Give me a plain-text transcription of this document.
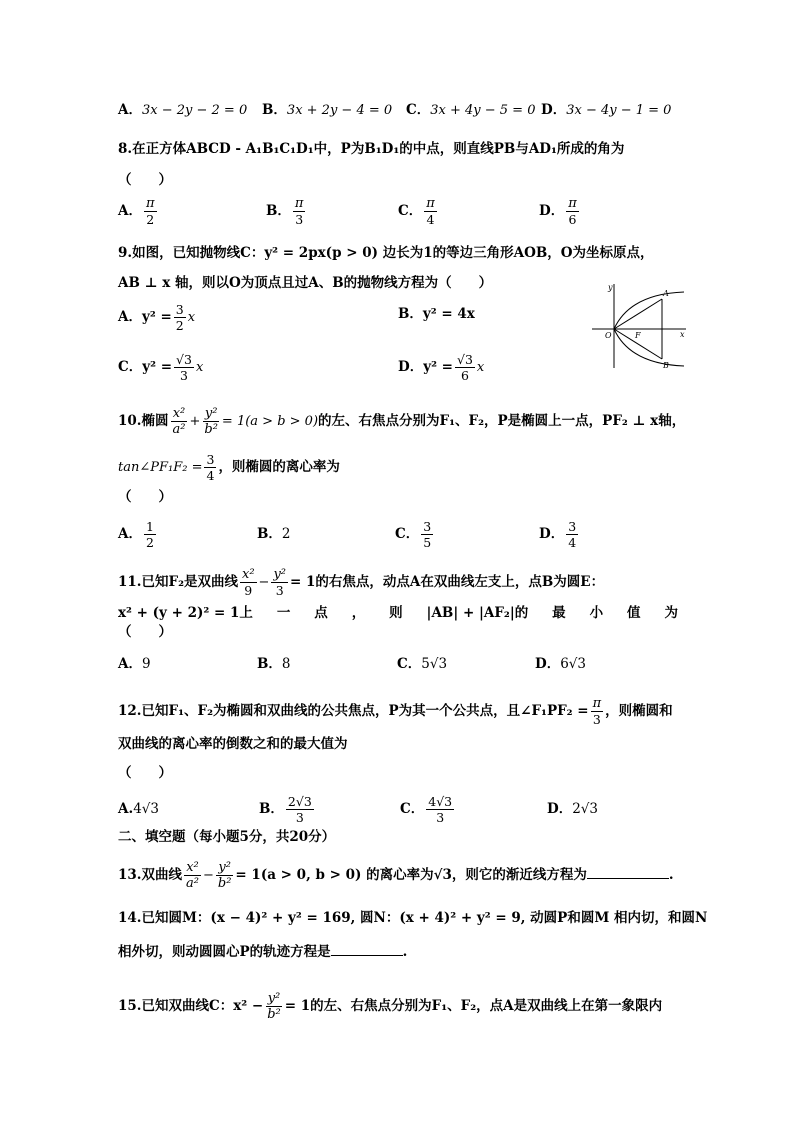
A．3x − 2y − 2 = 0 B．3x + 2y − 4 = 0 C．3x + 4y − 5 = 0 D．3x − 4y − 1 = 0
8.在正方体ABCD - A₁B₁C₁D₁中，P为B₁D₁的中点，则直线PB与AD₁所成的角为
（　　）
A． $\frac{\pi}{2}$	B． $\frac{\pi}{3}$	C． $\frac{\pi}{4}$	D． $\frac{\pi}{6}$
9.如图，已知抛物线C：y² = 2px(p > 0) 边长为1的等边三角形AOB，O为坐标原点，
AB ⊥ x 轴，则以O为顶点且过A、B的抛物线方程为（　　）
A．$y^2 = \frac{3}{2}$ x	B．y² = 4x
C．$y^2 = \frac{√3}{3}$ x	D．$y^2 = \frac{√3}{6}$ x
y
x
A
O	F
B
10.椭圆 $\frac{\text{x²}}{\text{a²}} + \frac{\text{y²}}{\text{b²}} = 1(a > b > 0)$的左、右焦点分别为F₁、F₂，P是椭圆上一点，PF₂ ⊥ x轴，
tan∠PF₁F₂ = $\frac{3}{4}$ ，则椭圆的离心率为
（　　）
A． $\frac{1}{2}$	B．2	C． $\frac{3}{5}$	D． $\frac{3}{4}$
11.已知F₂是双曲线 $\frac{\text{x²}}{9} - \frac{\text{y²}}{3} = 1$的右焦点，动点A在双曲线左支上，点B为圆E：
x² + (y + 2)² = 1上 一 点 ， 则 |AB| + |AF₂|的 最 小 值 为
（　　）
A．9	B．8	C．5√3	D．6√3
12.已知F₁、F₂为椭圆和双曲线的公共焦点，P为其一个公共点，且∠F₁PF₂ = $\frac{\pi}{3}$ ，则椭圆和
双曲线的离心率的倒数之和的最大值为
（　　）
A.4√3	B． $\frac{2√3}{3}$	C． $\frac{4√3}{3}$	D．2√3
二、填空题（每小题5分，共20分）
13.双曲线 $\frac{\text{x²}}{\text{a²}} - \frac{\text{y²}}{\text{b²}} = 1(a > 0$, b > 0) 的离心率为√3，则它的渐近线方程为	.
14.已知圆M：(x − 4)² + y² = 169, 圆N：(x + 4)² + y² = 9, 动圆P和圆M 相内切，和圆N
相外切，则动圆圆心P的轨迹方程是	.
15.已知双曲线C：$x^2 - \frac{\text{y²}}{\text{b²}} = 1$的左、右焦点分别为F₁、F₂，点A是双曲线上在第一象限内
